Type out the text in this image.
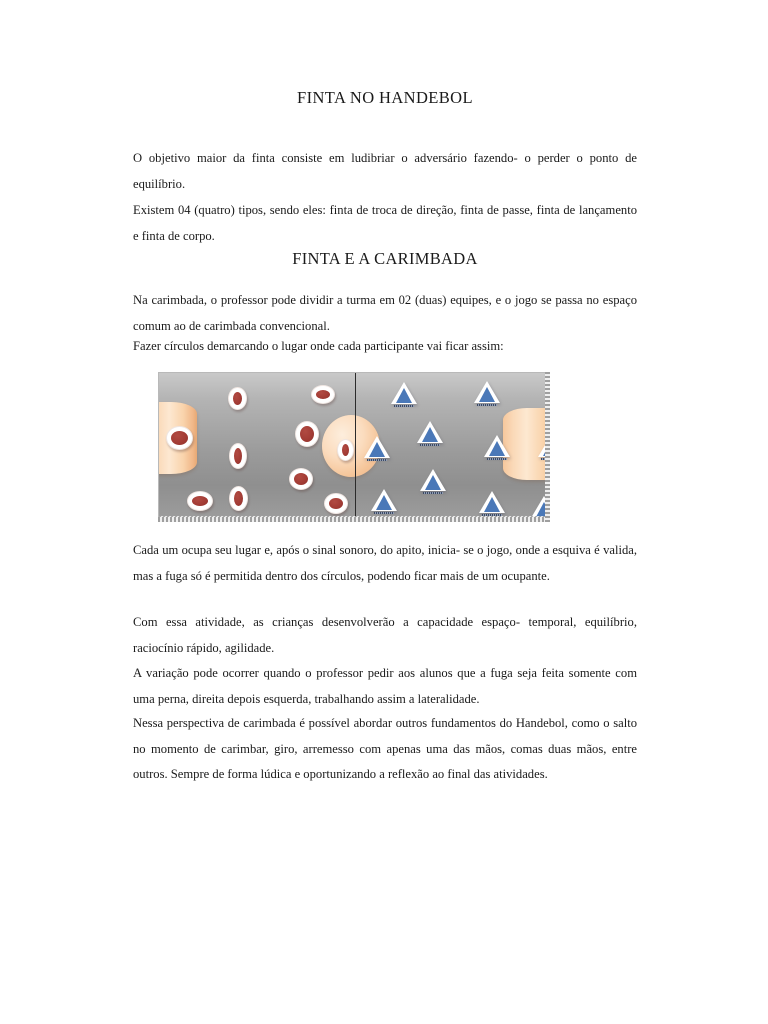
FINTA NO HANDEBOL

O objetivo maior da finta consiste em ludibriar o adversário fazendo- o perder o ponto de equilíbrio.

Existem 04 (quatro) tipos, sendo eles: finta de troca de direção, finta de passe, finta de lançamento e finta de corpo.

FINTA E A CARIMBADA

Na carimbada, o professor pode dividir a turma em 02 (duas) equipes, e o jogo se passa no espaço comum ao de carimbada convencional.

Fazer círculos demarcando o lugar onde cada participante vai ficar assim:

Cada um ocupa seu lugar e, após o sinal sonoro, do apito, inicia- se o jogo, onde a esquiva é valida, mas a fuga só é permitida dentro dos círculos, podendo ficar mais de um ocupante.

Com essa atividade, as crianças desenvolverão a capacidade espaço- temporal, equilíbrio, raciocínio rápido, agilidade.

A variação pode ocorrer quando o professor pedir aos alunos que a fuga seja feita somente com uma perna, direita depois esquerda, trabalhando assim a lateralidade.

Nessa perspectiva de carimbada é possível abordar outros fundamentos do Handebol, como o salto no momento de carimbar, giro, arremesso com apenas uma das mãos, comas duas mãos, entre outros. Sempre de forma lúdica e oportunizando a reflexão ao final das atividades.
